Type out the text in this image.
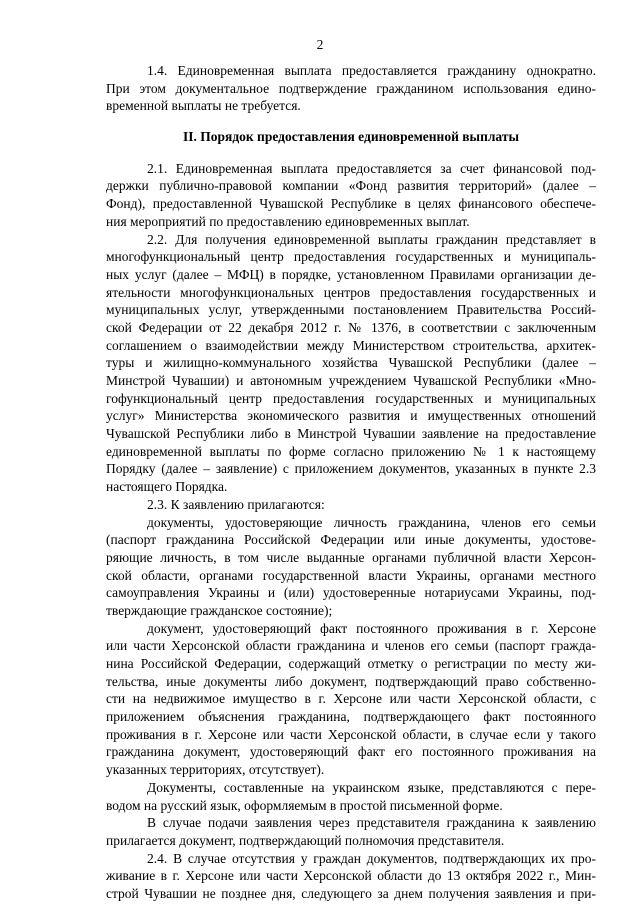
2
1.4. Единовременная выплата предоставляется гражданину однократно.
При этом документальное подтверждение гражданином использования едино-
временной выплаты не требуется.
II. Порядок предоставления единовременной выплаты
2.1. Единовременная выплата предоставляется за счет финансовой под-
держки публично-правовой компании «Фонд развития территорий» (далее –
Фонд), предоставленной Чувашской Республике в целях финансового обеспече-
ния мероприятий по предоставлению единовременных выплат.
2.2. Для получения единовременной выплаты гражданин представляет в
многофункциональный центр предоставления государственных и муниципаль-
ных услуг (далее – МФЦ) в порядке, установленном Правилами организации де-
ятельности многофункциональных центров предоставления государственных и
муниципальных услуг, утвержденными постановлением Правительства Россий-
ской Федерации от 22 декабря 2012 г. № 1376, в соответствии с заключенным
соглашением о взаимодействии между Министерством строительства, архитек-
туры и жилищно-коммунального хозяйства Чувашской Республики (далее –
Минстрой Чувашии) и автономным учреждением Чувашской Республики «Мно-
гофункциональный центр предоставления государственных и муниципальных
услуг» Министерства экономического развития и имущественных отношений
Чувашской Республики либо в Минстрой Чувашии заявление на предоставление
единовременной выплаты по форме согласно приложению № 1 к настоящему
Порядку (далее – заявление) с приложением документов, указанных в пункте 2.3
настоящего Порядка.
2.3. К заявлению прилагаются:
документы, удостоверяющие личность гражданина, членов его семьи
(паспорт гражданина Российской Федерации или иные документы, удостове-
ряющие личность, в том числе выданные органами публичной власти Херсон-
ской области, органами государственной власти Украины, органами местного
самоуправления Украины и (или) удостоверенные нотариусами Украины, под-
тверждающие гражданское состояние);
документ, удостоверяющий факт постоянного проживания в г. Херсоне
или части Херсонской области гражданина и членов его семьи (паспорт гражда-
нина Российской Федерации, содержащий отметку о регистрации по месту жи-
тельства, иные документы либо документ, подтверждающий право собственно-
сти на недвижимое имущество в г. Херсоне или части Херсонской области, с
приложением объяснения гражданина, подтверждающего факт постоянного
проживания в г. Херсоне или части Херсонской области, в случае если у такого
гражданина документ, удостоверяющий факт его постоянного проживания на
указанных территориях, отсутствует).
Документы, составленные на украинском языке, представляются с пере-
водом на русский язык, оформляемым в простой письменной форме.
В случае подачи заявления через представителя гражданина к заявлению
прилагается документ, подтверждающий полномочия представителя.
2.4. В случае отсутствия у граждан документов, подтверждающих их про-
живание в г. Херсоне или части Херсонской области до 13 октября 2022 г., Мин-
строй Чувашии не позднее дня, следующего за днем получения заявления и при-
